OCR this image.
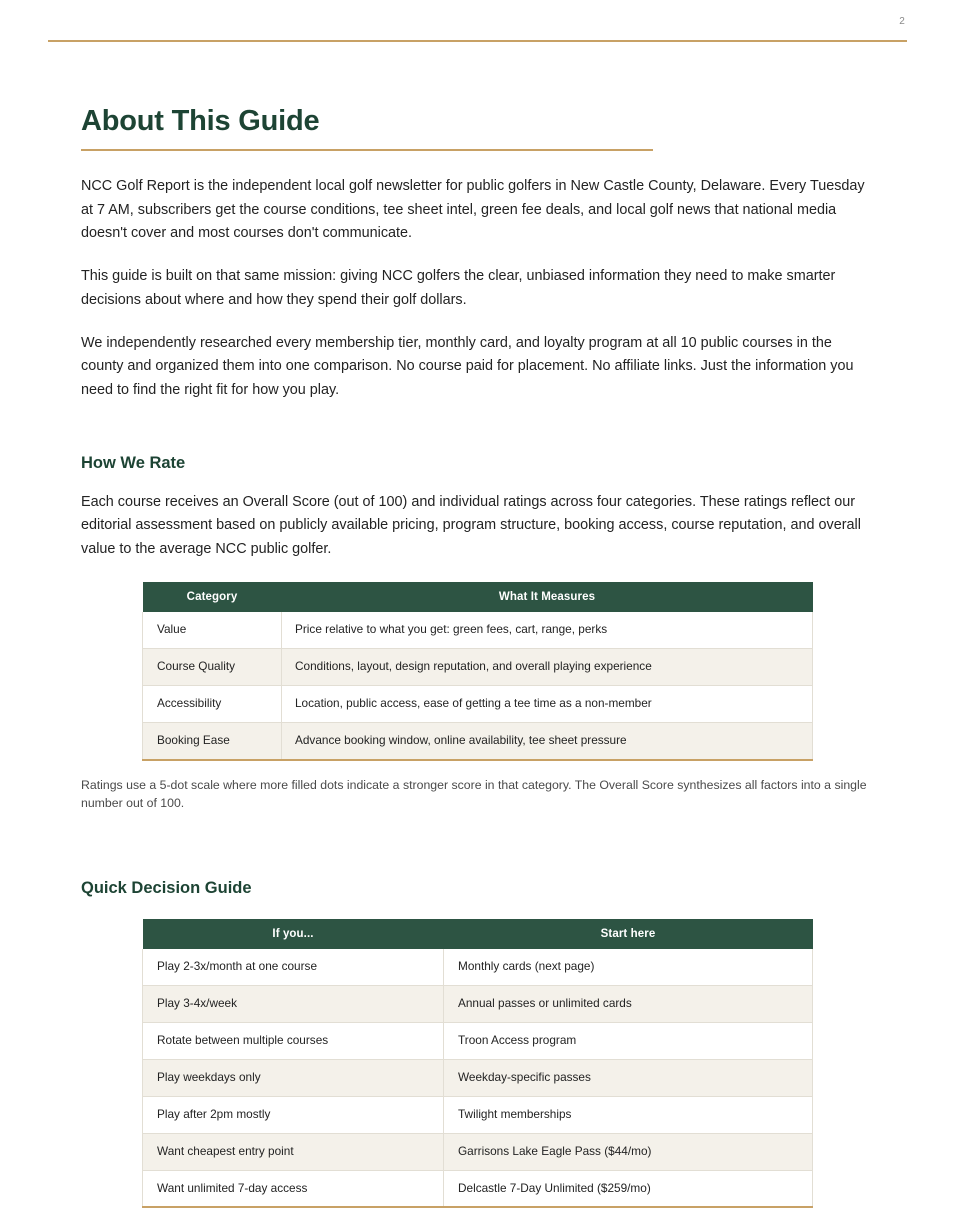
2
About This Guide

NCC Golf Report is the independent local golf newsletter for public golfers in New Castle County, Delaware. Every Tuesday at 7 AM, subscribers get the course conditions, tee sheet intel, green fee deals, and local golf news that national media doesn't cover and most courses don't communicate.

This guide is built on that same mission: giving NCC golfers the clear, unbiased information they need to make smarter decisions about where and how they spend their golf dollars.

We independently researched every membership tier, monthly card, and loyalty program at all 10 public courses in the county and organized them into one comparison. No course paid for placement. No affiliate links. Just the information you need to find the right fit for how you play.

How We Rate

Each course receives an Overall Score (out of 100) and individual ratings across four categories. These ratings reflect our editorial assessment based on publicly available pricing, program structure, booking access, course reputation, and overall value to the average NCC public golfer.

Category	What It Measures
Value	Price relative to what you get: green fees, cart, range, perks
Course Quality	Conditions, layout, design reputation, and overall playing experience
Accessibility	Location, public access, ease of getting a tee time as a non-member
Booking Ease	Advance booking window, online availability, tee sheet pressure

Ratings use a 5-dot scale where more filled dots indicate a stronger score in that category. The Overall Score synthesizes all factors into a single number out of 100.

Quick Decision Guide
If you...	Start here
Play 2-3x/month at one course	Monthly cards (next page)
Play 3-4x/week	Annual passes or unlimited cards
Rotate between multiple courses	Troon Access program
Play weekdays only	Weekday-specific passes
Play after 2pm mostly	Twilight memberships
Want cheapest entry point	Garrisons Lake Eagle Pass ($44/mo)
Want unlimited 7-day access	Delcastle 7-Day Unlimited ($259/mo)
